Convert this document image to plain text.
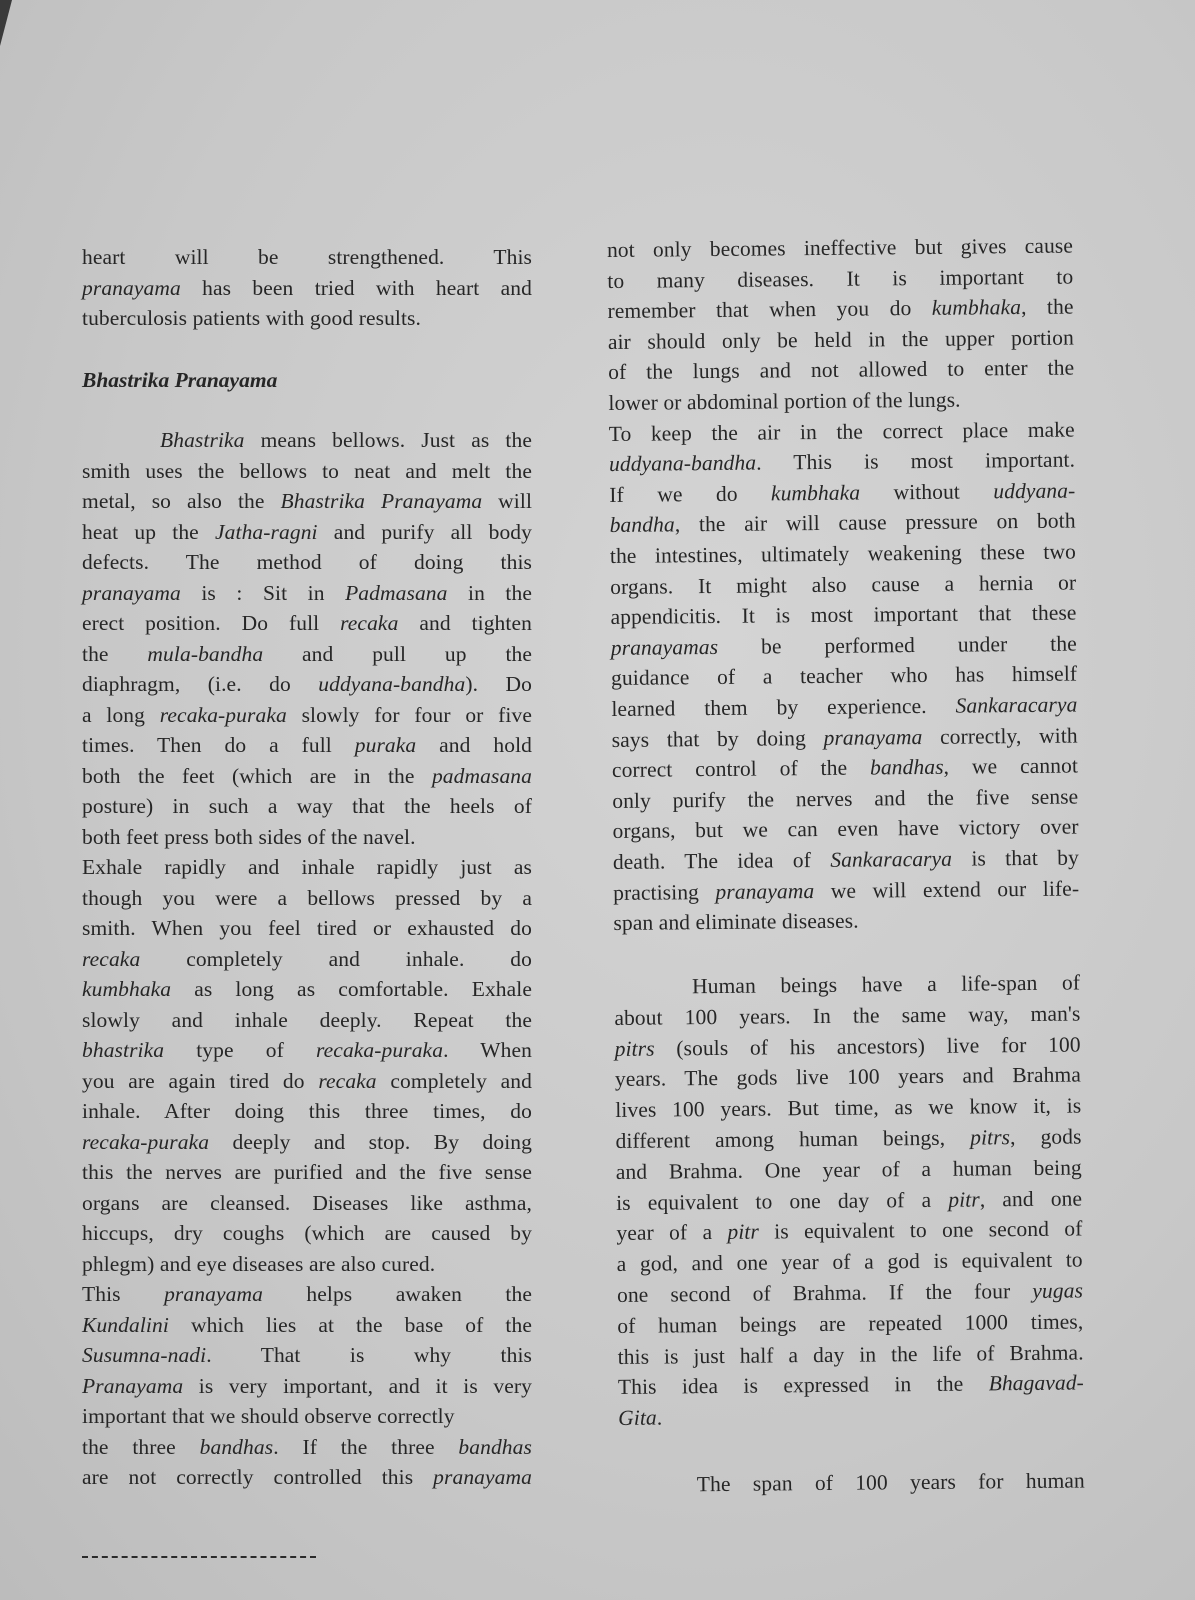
Bhastrika Pranayama
heart will be strengthened. This
pranayama has been tried with heart and
tuberculosis patients with good results.
Bhastrika means bellows. Just as the
smith uses the bellows to neat and melt the
metal, so also the Bhastrika Pranayama will
heat up the Jatha-ragni and purify all body
defects. The method of doing this
pranayama is : Sit in Padmasana in the
erect position. Do full recaka and tighten
the mula-bandha and pull up the
diaphragm, (i.e. do uddyana-bandha). Do
a long recaka-puraka slowly for four or five
times. Then do a full puraka and hold
both the feet (which are in the padmasana
posture) in such a way that the heels of
both feet press both sides of the navel.
Exhale rapidly and inhale rapidly just as
though you were a bellows pressed by a
smith. When you feel tired or exhausted do
recaka completely and inhale. do
kumbhaka as long as comfortable. Exhale
slowly and inhale deeply. Repeat the
bhastrika type of recaka-puraka. When
you are again tired do recaka completely and
inhale. After doing this three times, do
recaka-puraka deeply and stop. By doing
this the nerves are purified and the five sense
organs are cleansed. Diseases like asthma,
hiccups, dry coughs (which are caused by
phlegm) and eye diseases are also cured.
This pranayama helps awaken the
Kundalini which lies at the base of the
Susumna-nadi. That is why this
Pranayama is very important, and it is very
important that we should observe correctly
the three bandhas. If the three bandhas
are not correctly controlled this pranayama
not only becomes ineffective but gives cause
to many diseases. It is important to
remember that when you do kumbhaka, the
air should only be held in the upper portion
of the lungs and not allowed to enter the
lower or abdominal portion of the lungs.
To keep the air in the correct place make
uddyana-bandha. This is most important.
If we do kumbhaka without uddyana-
bandha, the air will cause pressure on both
the intestines, ultimately weakening these two
organs. It might also cause a hernia or
appendicitis. It is most important that these
pranayamas be performed under the
guidance of a teacher who has himself
learned them by experience. Sankaracarya
says that by doing pranayama correctly, with
correct control of the bandhas, we cannot
only purify the nerves and the five sense
organs, but we can even have victory over
death. The idea of Sankaracarya is that by
practising pranayama we will extend our life-
span and eliminate diseases.
Human beings have a life-span of
about 100 years. In the same way, man's
pitrs (souls of his ancestors) live for 100
years. The gods live 100 years and Brahma
lives 100 years. But time, as we know it, is
different among human beings, pitrs, gods
and Brahma. One year of a human being
is equivalent to one day of a pitr, and one
year of a pitr is equivalent to one second of
a god, and one year of a god is equivalent to
one second of Brahma. If the four yugas
of human beings are repeated 1000 times,
this is just half a day in the life of Brahma.
This idea is expressed in the Bhagavad-
Gita.
The span of 100 years for human
